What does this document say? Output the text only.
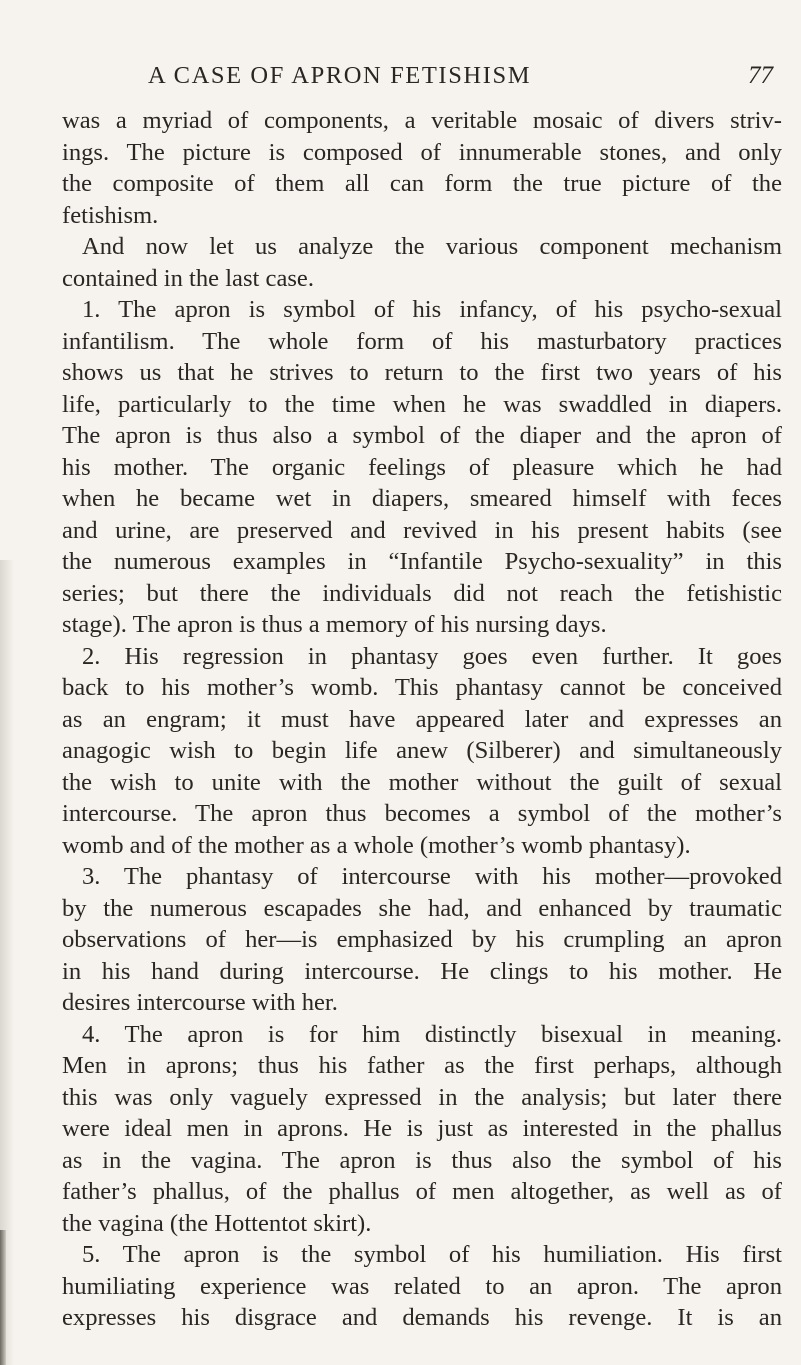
A CASE OF APRON FETISHISM	77
was a myriad of components, a veritable mosaic of divers striv-
ings. The picture is composed of innumerable stones, and only
the composite of them all can form the true picture of the
fetishism.
And now let us analyze the various component mechanism
contained in the last case.
1. The apron is symbol of his infancy, of his psycho-sexual
infantilism. The whole form of his masturbatory practices
shows us that he strives to return to the first two years of his
life, particularly to the time when he was swaddled in diapers.
The apron is thus also a symbol of the diaper and the apron of
his mother. The organic feelings of pleasure which he had
when he became wet in diapers, smeared himself with feces
and urine, are preserved and revived in his present habits (see
the numerous examples in “Infantile Psycho-sexuality” in this
series; but there the individuals did not reach the fetishistic
stage). The apron is thus a memory of his nursing days.
2. His regression in phantasy goes even further. It goes
back to his mother’s womb. This phantasy cannot be conceived
as an engram; it must have appeared later and expresses an
anagogic wish to begin life anew (Silberer) and simultaneously
the wish to unite with the mother without the guilt of sexual
intercourse. The apron thus becomes a symbol of the mother’s
womb and of the mother as a whole (mother’s womb phantasy).
3. The phantasy of intercourse with his mother—provoked
by the numerous escapades she had, and enhanced by traumatic
observations of her—is emphasized by his crumpling an apron
in his hand during intercourse. He clings to his mother. He
desires intercourse with her.
4. The apron is for him distinctly bisexual in meaning.
Men in aprons; thus his father as the first perhaps, although
this was only vaguely expressed in the analysis; but later there
were ideal men in aprons. He is just as interested in the phallus
as in the vagina. The apron is thus also the symbol of his
father’s phallus, of the phallus of men altogether, as well as of
the vagina (the Hottentot skirt).
5. The apron is the symbol of his humiliation. His first
humiliating experience was related to an apron. The apron
expresses his disgrace and demands his revenge. It is an
